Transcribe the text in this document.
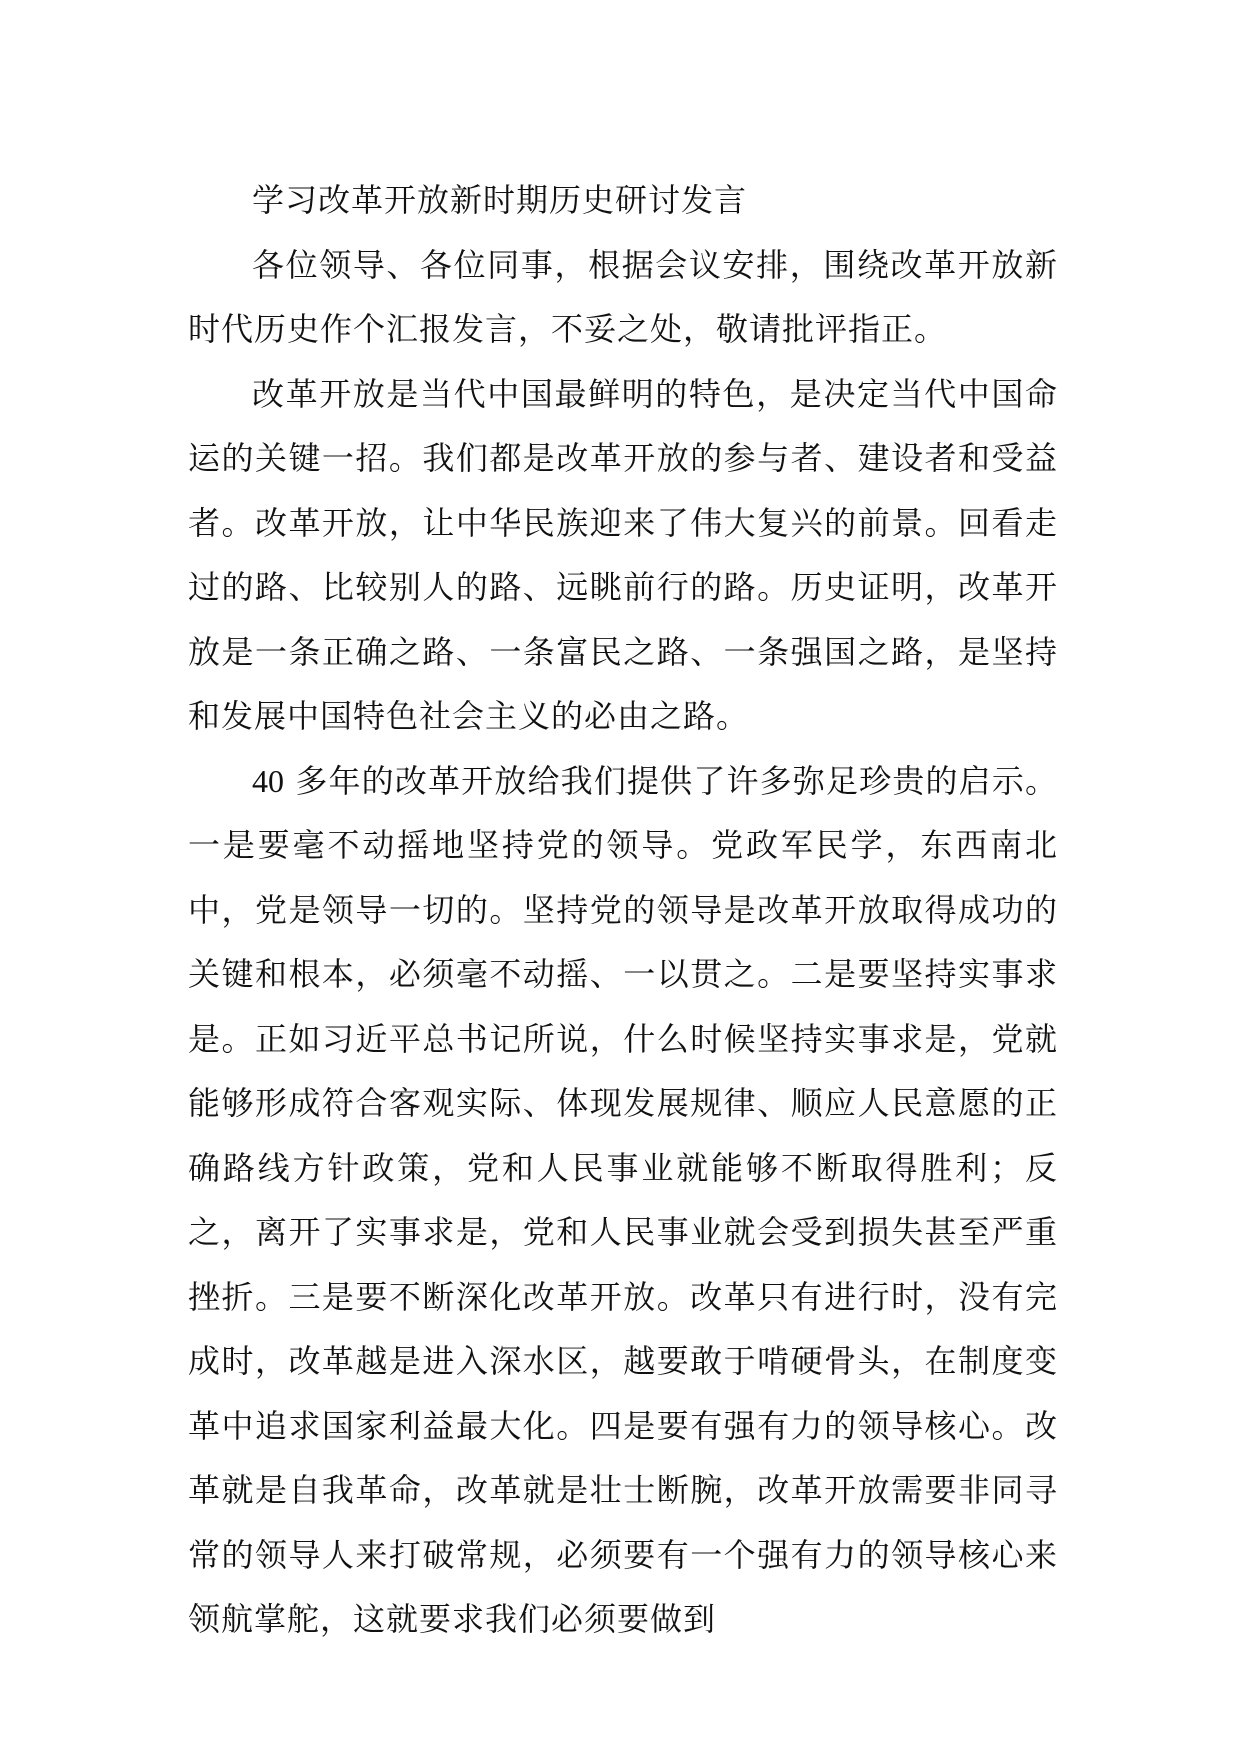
学习改革开放新时期历史研讨发言

各位领导、各位同事，根据会议安排，围绕改革开放新时代历史作个汇报发言，不妥之处，敬请批评指正。

改革开放是当代中国最鲜明的特色，是决定当代中国命运的关键一招。我们都是改革开放的参与者、建设者和受益者。改革开放，让中华民族迎来了伟大复兴的前景。回看走过的路、比较别人的路、远眺前行的路。历史证明，改革开放是一条正确之路、一条富民之路、一条强国之路，是坚持和发展中国特色社会主义的必由之路。

40 多年的改革开放给我们提供了许多弥足珍贵的启示。一是要毫不动摇地坚持党的领导。党政军民学，东西南北中，党是领导一切的。坚持党的领导是改革开放取得成功的关键和根本，必须毫不动摇、一以贯之。二是要坚持实事求是。正如习近平总书记所说，什么时候坚持实事求是，党就能够形成符合客观实际、体现发展规律、顺应人民意愿的正确路线方针政策，党和人民事业就能够不断取得胜利；反之，离开了实事求是，党和人民事业就会受到损失甚至严重挫折。三是要不断深化改革开放。改革只有进行时，没有完成时，改革越是进入深水区，越要敢于啃硬骨头，在制度变革中追求国家利益最大化。四是要有强有力的领导核心。改革就是自我革命，改革就是壮士断腕，改革开放需要非同寻常的领导人来打破常规，必须要有一个强有力的领导核心来领航掌舵，这就要求我们必须要做到
